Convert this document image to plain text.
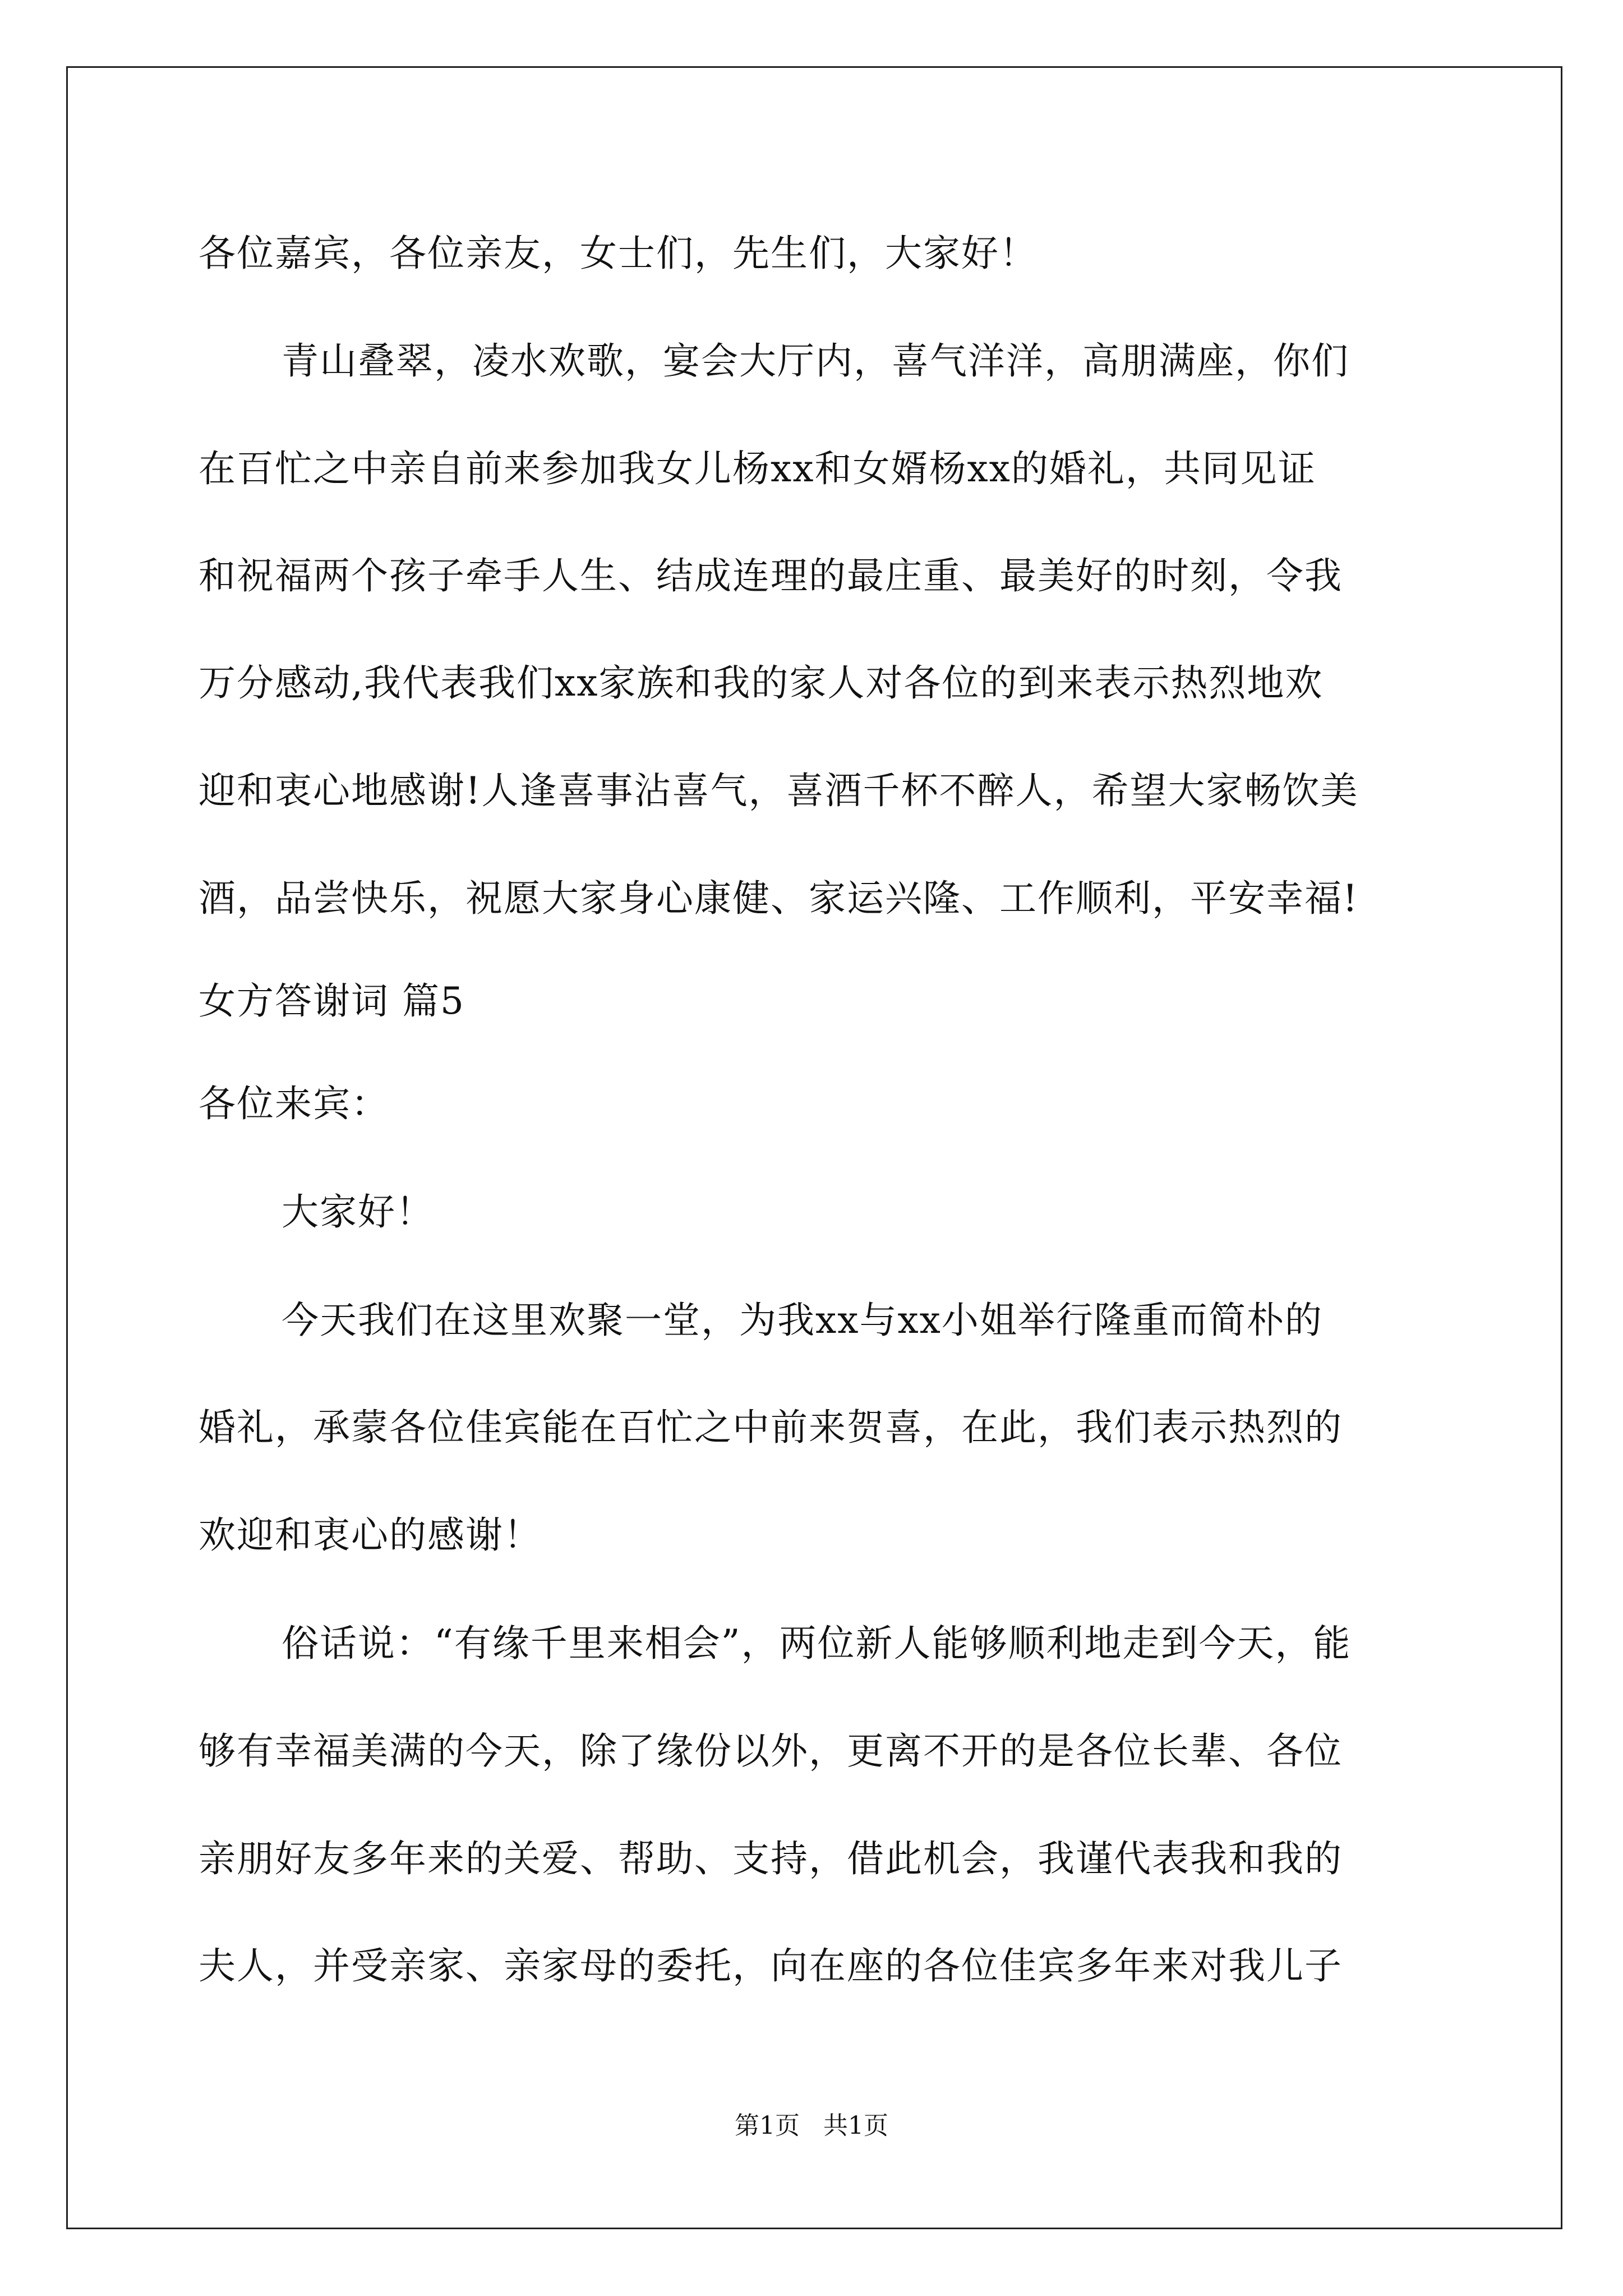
各位嘉宾，各位亲友，女士们，先生们，大家好！
青山叠翠，凌水欢歌，宴会大厅内，喜气洋洋，高朋满座，你们
在百忙之中亲自前来参加我女儿杨xx和女婿杨xx的婚礼，共同见证
和祝福两个孩子牵手人生、结成连理的最庄重、最美好的时刻，令我
万分感动,我代表我们xx家族和我的家人对各位的到来表示热烈地欢
迎和衷心地感谢!人逢喜事沾喜气，喜酒千杯不醉人，希望大家畅饮美
酒，品尝快乐，祝愿大家身心康健、家运兴隆、工作顺利，平安幸福!
女方答谢词 篇5
各位来宾：
大家好！
今天我们在这里欢聚一堂，为我xx与xx小姐举行隆重而简朴的
婚礼，承蒙各位佳宾能在百忙之中前来贺喜，在此，我们表示热烈的
欢迎和衷心的感谢！
俗话说：“有缘千里来相会”，两位新人能够顺利地走到今天，能
够有幸福美满的今天，除了缘份以外，更离不开的是各位长辈、各位
亲朋好友多年来的关爱、帮助、支持，借此机会，我谨代表我和我的
夫人，并受亲家、亲家母的委托，向在座的各位佳宾多年来对我儿子
第1页   共1页
